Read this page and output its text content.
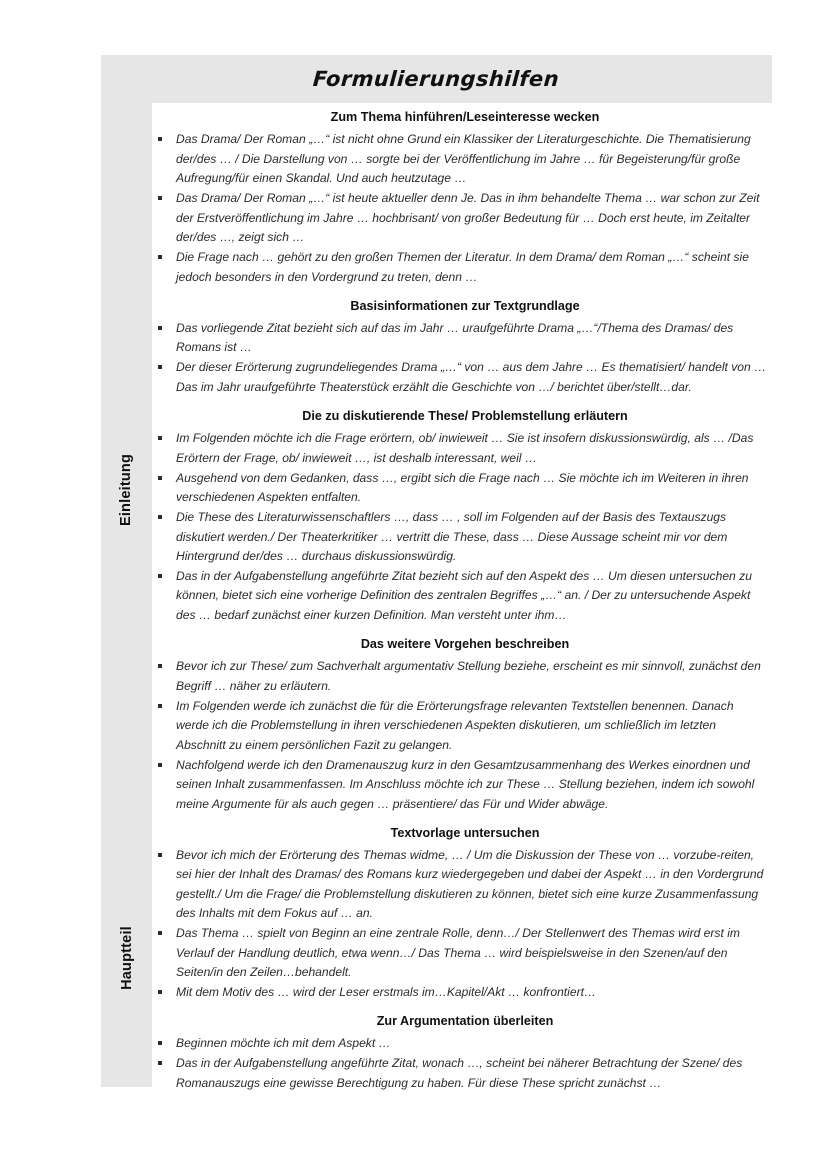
Formulierungshilfen
Einleitung
Hauptteil
Zum Thema hinführen/Leseinteresse wecken
Das Drama/ Der Roman „…“ ist nicht ohne Grund ein Klassiker der Literaturgeschichte. Die Thematisierung der/des … / Die Darstellung von … sorgte bei der Veröffentlichung im Jahre … für Begeisterung/für große Aufregung/für einen Skandal. Und auch heutzutage …
Das Drama/ Der Roman „…“ ist heute aktueller denn Je. Das in ihm behandelte Thema … war schon zur Zeit der Erstveröffentlichung im Jahre … hochbrisant/ von großer Bedeutung für … Doch erst heute, im Zeitalter der/des …, zeigt sich …
Die Frage nach … gehört zu den großen Themen der Literatur. In dem Drama/ dem Roman „…“ scheint sie jedoch besonders in den Vordergrund zu treten, denn …
Basisinformationen zur Textgrundlage
Das vorliegende Zitat bezieht sich auf das im Jahr … uraufgeführte Drama „…“/Thema des Dramas/ des Romans ist …
Der dieser Erörterung zugrundeliegendes Drama „…“ von … aus dem Jahre … Es thematisiert/ handelt von … Das im Jahr uraufgeführte Theaterstück erzählt die Geschichte von …/ berichtet über/stellt…dar.
Die zu diskutierende These/ Problemstellung erläutern
Im Folgenden möchte ich die Frage erörtern, ob/ inwieweit … Sie ist insofern diskussionswürdig, als … /Das Erörtern der Frage, ob/ inwieweit …, ist deshalb interessant, weil …
Ausgehend von dem Gedanken, dass …, ergibt sich die Frage nach … Sie möchte ich im Weiteren in ihren verschiedenen Aspekten entfalten.
Die These des Literaturwissenschaftlers …, dass … , soll im Folgenden auf der Basis des Textauszugs diskutiert werden./ Der Theaterkritiker … vertritt die These, dass … Diese Aussage scheint mir vor dem Hintergrund der/des … durchaus diskussionswürdig.
Das in der Aufgabenstellung angeführte Zitat bezieht sich auf den Aspekt des … Um diesen untersuchen zu können, bietet sich eine vorherige Definition des zentralen Begriffes „…“ an. / Der zu untersuchende Aspekt des … bedarf zunächst einer kurzen Definition. Man versteht unter ihm…
Das weitere Vorgehen beschreiben
Bevor ich zur These/ zum Sachverhalt argumentativ Stellung beziehe, erscheint es mir sinnvoll, zunächst den Begriff … näher zu erläutern.
Im Folgenden werde ich zunächst die für die Erörterungsfrage relevanten Textstellen benennen. Danach werde ich die Problemstellung in ihren verschiedenen Aspekten diskutieren, um schließlich im letzten Abschnitt zu einem persönlichen Fazit zu gelangen.
Nachfolgend werde ich den Dramenauszug kurz in den Gesamtzusammenhang des Werkes einordnen und seinen Inhalt zusammenfassen. Im Anschluss möchte ich zur These … Stellung beziehen, indem ich sowohl meine Argumente für als auch gegen … präsentiere/ das Für und Wider abwäge.
Textvorlage untersuchen
Bevor ich mich der Erörterung des Themas widme, … / Um die Diskussion der These von … vorzube-reiten, sei hier der Inhalt des Dramas/ des Romans kurz wiedergegeben und dabei der Aspekt … in den Vordergrund gestellt./ Um die Frage/ die Problemstellung diskutieren zu können, bietet sich eine kurze Zusammenfassung des Inhalts mit dem Fokus auf … an.
Das Thema … spielt von Beginn an eine zentrale Rolle, denn…/ Der Stellenwert des Themas wird erst im Verlauf der Handlung deutlich, etwa wenn…/ Das Thema … wird beispielsweise in den Szenen/auf den Seiten/in den Zeilen…behandelt.
Mit dem Motiv des … wird der Leser erstmals im…Kapitel/Akt … konfrontiert…
Zur Argumentation überleiten
Beginnen möchte ich mit dem Aspekt …
Das in der Aufgabenstellung angeführte Zitat, wonach …, scheint bei näherer Betrachtung der Szene/ des Romanauszugs eine gewisse Berechtigung zu haben. Für diese These spricht zunächst …
